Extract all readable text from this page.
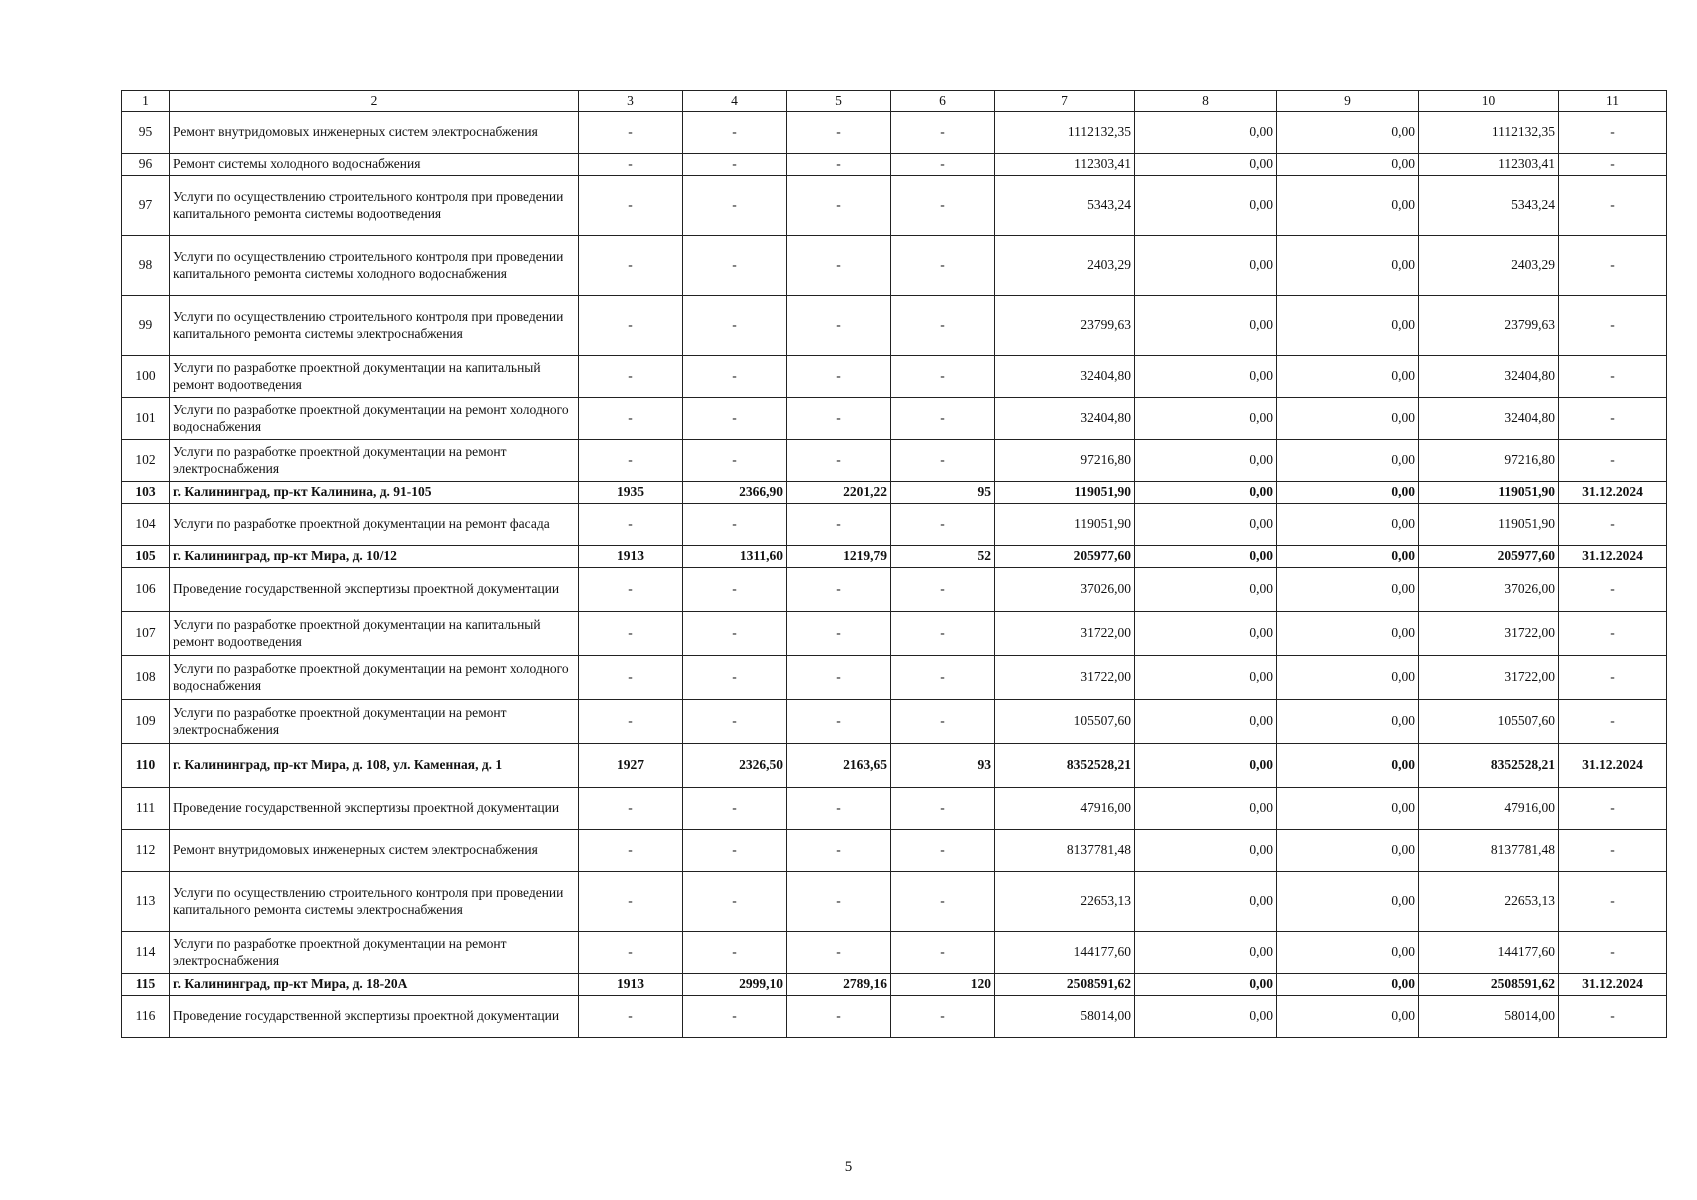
1	2	3	4	5	6	7	8	9	10	11
95	Ремонт внутридомовых инженерных систем электроснабжения	-	-	-	-	1112132,35	0,00	0,00	1112132,35	-
96	Ремонт системы холодного водоснабжения	-	-	-	-	112303,41	0,00	0,00	112303,41	-
97	Услуги по осуществлению строительного контроля при проведении капитального ремонта системы водоотведения	-	-	-	-	5343,24	0,00	0,00	5343,24	-
98	Услуги по осуществлению строительного контроля при проведении капитального ремонта системы холодного водоснабжения	-	-	-	-	2403,29	0,00	0,00	2403,29	-
99	Услуги по осуществлению строительного контроля при проведении капитального ремонта системы электроснабжения	-	-	-	-	23799,63	0,00	0,00	23799,63	-
100	Услуги по разработке проектной документации на капитальный ремонт водоотведения	-	-	-	-	32404,80	0,00	0,00	32404,80	-
101	Услуги по разработке проектной документации на ремонт холодного водоснабжения	-	-	-	-	32404,80	0,00	0,00	32404,80	-
102	Услуги по разработке проектной документации на ремонт электроснабжения	-	-	-	-	97216,80	0,00	0,00	97216,80	-
103	г. Калининград, пр-кт Калинина, д. 91-105	1935	2366,90	2201,22	95	119051,90	0,00	0,00	119051,90	31.12.2024
104	Услуги по разработке проектной документации на ремонт фасада	-	-	-	-	119051,90	0,00	0,00	119051,90	-
105	г. Калининград, пр-кт Мира, д. 10/12	1913	1311,60	1219,79	52	205977,60	0,00	0,00	205977,60	31.12.2024
106	Проведение государственной экспертизы проектной документации	-	-	-	-	37026,00	0,00	0,00	37026,00	-
107	Услуги по разработке проектной документации на капитальный ремонт водоотведения	-	-	-	-	31722,00	0,00	0,00	31722,00	-
108	Услуги по разработке проектной документации на ремонт холодного водоснабжения	-	-	-	-	31722,00	0,00	0,00	31722,00	-
109	Услуги по разработке проектной документации на ремонт электроснабжения	-	-	-	-	105507,60	0,00	0,00	105507,60	-
110	г. Калининград, пр-кт Мира, д. 108, ул. Каменная, д. 1	1927	2326,50	2163,65	93	8352528,21	0,00	0,00	8352528,21	31.12.2024
111	Проведение государственной экспертизы проектной документации	-	-	-	-	47916,00	0,00	0,00	47916,00	-
112	Ремонт внутридомовых инженерных систем электроснабжения	-	-	-	-	8137781,48	0,00	0,00	8137781,48	-
113	Услуги по осуществлению строительного контроля при проведении капитального ремонта системы электроснабжения	-	-	-	-	22653,13	0,00	0,00	22653,13	-
114	Услуги по разработке проектной документации на ремонт электроснабжения	-	-	-	-	144177,60	0,00	0,00	144177,60	-
115	г. Калининград, пр-кт Мира, д. 18-20А	1913	2999,10	2789,16	120	2508591,62	0,00	0,00	2508591,62	31.12.2024
116	Проведение государственной экспертизы проектной документации	-	-	-	-	58014,00	0,00	0,00	58014,00	-
5
